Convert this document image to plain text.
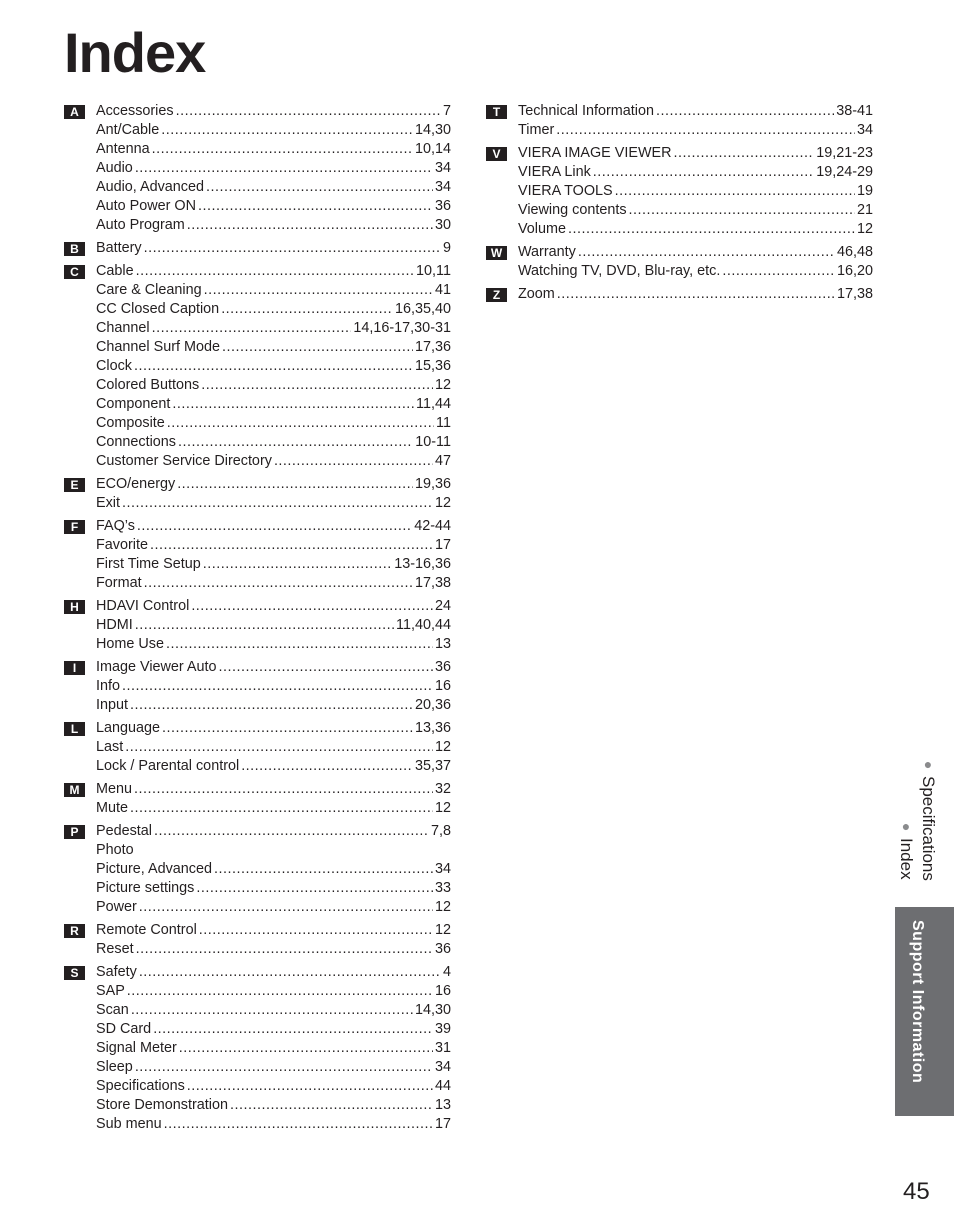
Index
A	Accessories .....	7
Ant/Cable .....	14,30
Antenna .....	10,14
Audio .....	34
Audio, Advanced .....	34
Auto Power ON .....	36
Auto Program .....	30
B	Battery .....	9
C	Cable .....	10,11
Care & Cleaning .....	41
CC Closed Caption .....	16,35,40
Channel .....	14,16-17,30-31
Channel Surf Mode .....	17,36
Clock .....	15,36
Colored Buttons .....	12
Component .....	11,44
Composite .....	11
Connections .....	10-11
Customer Service Directory .....	47
E	ECO/energy .....	19,36
Exit .....	12
F	FAQ’s .....	42-44
Favorite .....	17
First Time Setup .....	13-16,36
Format .....	17,38
H	HDAVI Control .....	24
HDMI .....	11,40,44
Home Use .....	13
I	Image Viewer Auto .....	36
Info .....	16
Input .....	20,36
L	Language .....	13,36
Last .....	12
Lock / Parental control .....	35,37
M	Menu .....	32
Mute .....	12
P	Pedestal .....	7,8
Photo
Picture, Advanced .....	34
Picture settings .....	33
Power .....	12
R	Remote Control .....	12
Reset .....	36
S	Safety .....	4
SAP .....	16
Scan .....	14,30
SD Card .....	39
Signal Meter .....	31
Sleep .....	34
Specifications .....	44
Store Demonstration .....	13
Sub menu .....	17
T	Technical Information .....	38-41
Timer .....	34
V	VIERA IMAGE VIEWER .....	19,21-23
VIERA Link .....	19,24-29
VIERA TOOLS .....	19
Viewing contents .....	21
Volume .....	12
W	Warranty .....	46,48
Watching TV, DVD, Blu-ray, etc. .....	16,20
Z	Zoom .....	17,38
●Specifications
●Index
Support Information
45
